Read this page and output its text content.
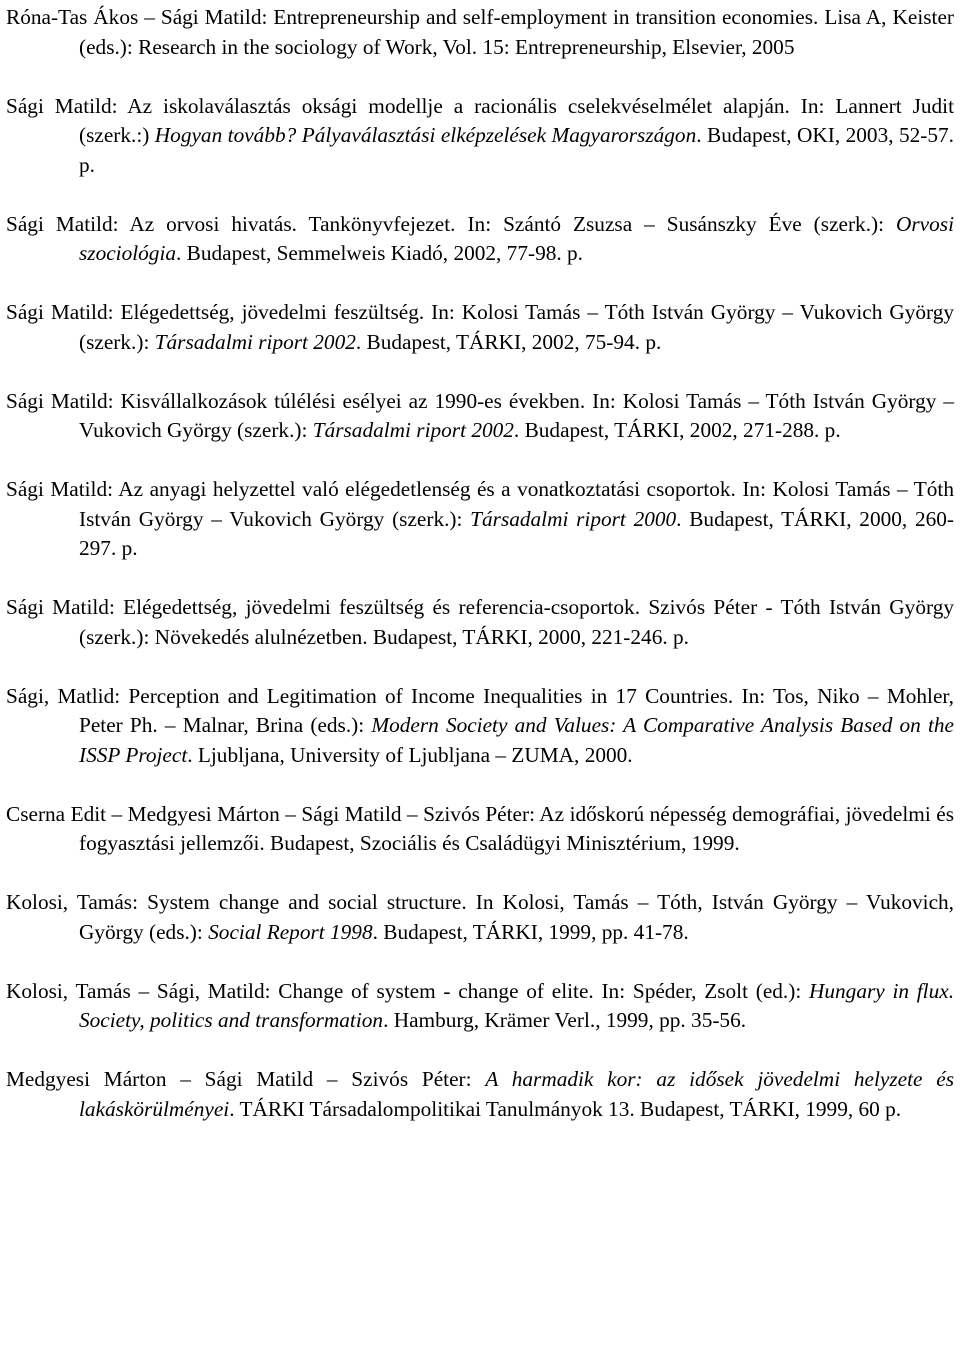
Róna-Tas Ákos ‒ Sági Matild: Entrepreneurship and self-employment in transition economies. Lisa A, Keister (eds.): Research in the sociology of Work, Vol. 15: Entrepreneurship, Elsevier, 2005

Sági Matild: Az iskolaválasztás oksági modellje a racionális cselekvéselmélet alapján. In: Lannert Judit (szerk.:) Hogyan tovább? Pályaválasztási elképzelések Magyarországon. Budapest, OKI, 2003, 52-57. p.

Sági Matild: Az orvosi hivatás. Tankönyvfejezet. In: Szántó Zsuzsa ‒ Susánszky Éve (szerk.): Orvosi szociológia. Budapest, Semmelweis Kiadó, 2002, 77-98. p.

Sági Matild: Elégedettség, jövedelmi feszültség. In: Kolosi Tamás ‒ Tóth István György ‒ Vukovich György (szerk.): Társadalmi riport 2002. Budapest, TÁRKI, 2002, 75-94. p.

Sági Matild: Kisvállalkozások túlélési esélyei az 1990-es években. In: Kolosi Tamás ‒ Tóth István György ‒ Vukovich György (szerk.): Társadalmi riport 2002. Budapest, TÁRKI, 2002, 271-288. p.

Sági Matild: Az anyagi helyzettel való elégedetlenség és a vonatkoztatási csoportok. In: Kolosi Tamás ‒ Tóth István György ‒ Vukovich György (szerk.): Társadalmi riport 2000. Budapest, TÁRKI, 2000, 260-297. p.

Sági Matild: Elégedettség, jövedelmi feszültség és referencia-csoportok. Szivós Péter - Tóth István György (szerk.): Növekedés alulnézetben. Budapest, TÁRKI, 2000, 221-246. p.

Sági, Matlid: Perception and Legitimation of Income Inequalities in 17 Countries. In: Tos, Niko ‒ Mohler, Peter Ph. ‒ Malnar, Brina (eds.): Modern Society and Values: A Comparative Analysis Based on the ISSP Project. Ljubljana, University of Ljubljana ‒ ZUMA, 2000.

Cserna Edit ‒ Medgyesi Márton ‒ Sági Matild ‒ Szivós Péter: Az időskorú népesség demográfiai, jövedelmi és fogyasztási jellemzői. Budapest, Szociális és Családügyi Minisztérium, 1999.

Kolosi, Tamás: System change and social structure. In Kolosi, Tamás ‒ Tóth, István György ‒ Vukovich, György (eds.): Social Report 1998. Budapest, TÁRKI, 1999, pp. 41-78.

Kolosi, Tamás ‒ Sági, Matild: Change of system - change of elite. In: Spéder, Zsolt (ed.): Hungary in flux. Society, politics and transformation. Hamburg, Krämer Verl., 1999, pp. 35-56.

Medgyesi Márton ‒ Sági Matild ‒ Szivós Péter: A harmadik kor: az idősek jövedelmi helyzete és lakáskörülményei. TÁRKI Társadalompolitikai Tanulmányok 13. Budapest, TÁRKI, 1999, 60 p.
